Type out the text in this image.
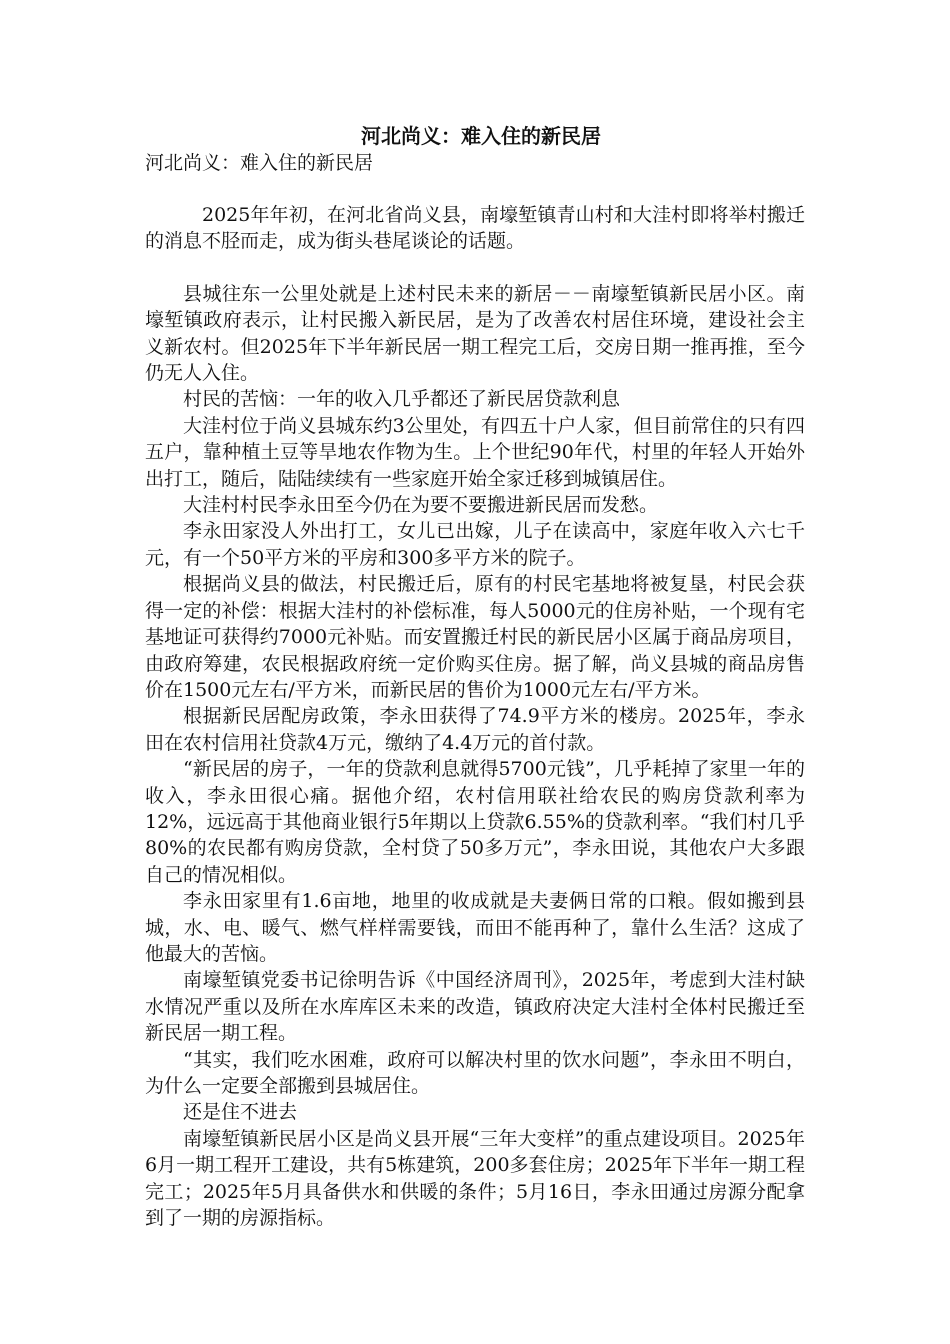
河北尚义：难入住的新民居

河北尚义：难入住的新民居

2025年年初，在河北省尚义县，南壕堑镇青山村和大洼村即将举村搬迁的消息不胫而走，成为街头巷尾谈论的话题。

县城往东一公里处就是上述村民未来的新居－－南壕堑镇新民居小区。南壕堑镇政府表示，让村民搬入新民居，是为了改善农村居住环境，建设社会主义新农村。但2025年下半年新民居一期工程完工后，交房日期一推再推，至今仍无人入住。

村民的苦恼：一年的收入几乎都还了新民居贷款利息

大洼村位于尚义县城东约3公里处，有四五十户人家，但目前常住的只有四五户，靠种植土豆等旱地农作物为生。上个世纪90年代，村里的年轻人开始外出打工，随后，陆陆续续有一些家庭开始全家迁移到城镇居住。

大洼村村民李永田至今仍在为要不要搬进新民居而发愁。

李永田家没人外出打工，女儿已出嫁，儿子在读高中，家庭年收入六七千元，有一个50平方米的平房和300多平方米的院子。

根据尚义县的做法，村民搬迁后，原有的村民宅基地将被复垦，村民会获得一定的补偿：根据大洼村的补偿标准，每人5000元的住房补贴，一个现有宅基地证可获得约7000元补贴。而安置搬迁村民的新民居小区属于商品房项目，由政府筹建，农民根据政府统一定价购买住房。据了解，尚义县城的商品房售价在1500元左右/平方米，而新民居的售价为1000元左右/平方米。

根据新民居配房政策，李永田获得了74.9平方米的楼房。2025年，李永田在农村信用社贷款4万元，缴纳了4.4万元的首付款。

“新民居的房子，一年的贷款利息就得5700元钱”，几乎耗掉了家里一年的收入，李永田很心痛。据他介绍，农村信用联社给农民的购房贷款利率为12%，远远高于其他商业银行5年期以上贷款6.55%的贷款利率。“我们村几乎80%的农民都有购房贷款，全村贷了50多万元”，李永田说，其他农户大多跟自己的情况相似。

李永田家里有1.6亩地，地里的收成就是夫妻俩日常的口粮。假如搬到县城，水、电、暖气、燃气样样需要钱，而田不能再种了，靠什么生活？这成了他最大的苦恼。

南壕堑镇党委书记徐明告诉《中国经济周刊》，2025年，考虑到大洼村缺水情况严重以及所在水库库区未来的改造，镇政府决定大洼村全体村民搬迁至新民居一期工程。

“其实，我们吃水困难，政府可以解决村里的饮水问题”，李永田不明白，为什么一定要全部搬到县城居住。

还是住不进去

南壕堑镇新民居小区是尚义县开展“三年大变样”的重点建设项目。2025年6月一期工程开工建设，共有5栋建筑，200多套住房；2025年下半年一期工程完工；2025年5月具备供水和供暖的条件；5月16日，李永田通过房源分配拿到了一期的房源指标。
